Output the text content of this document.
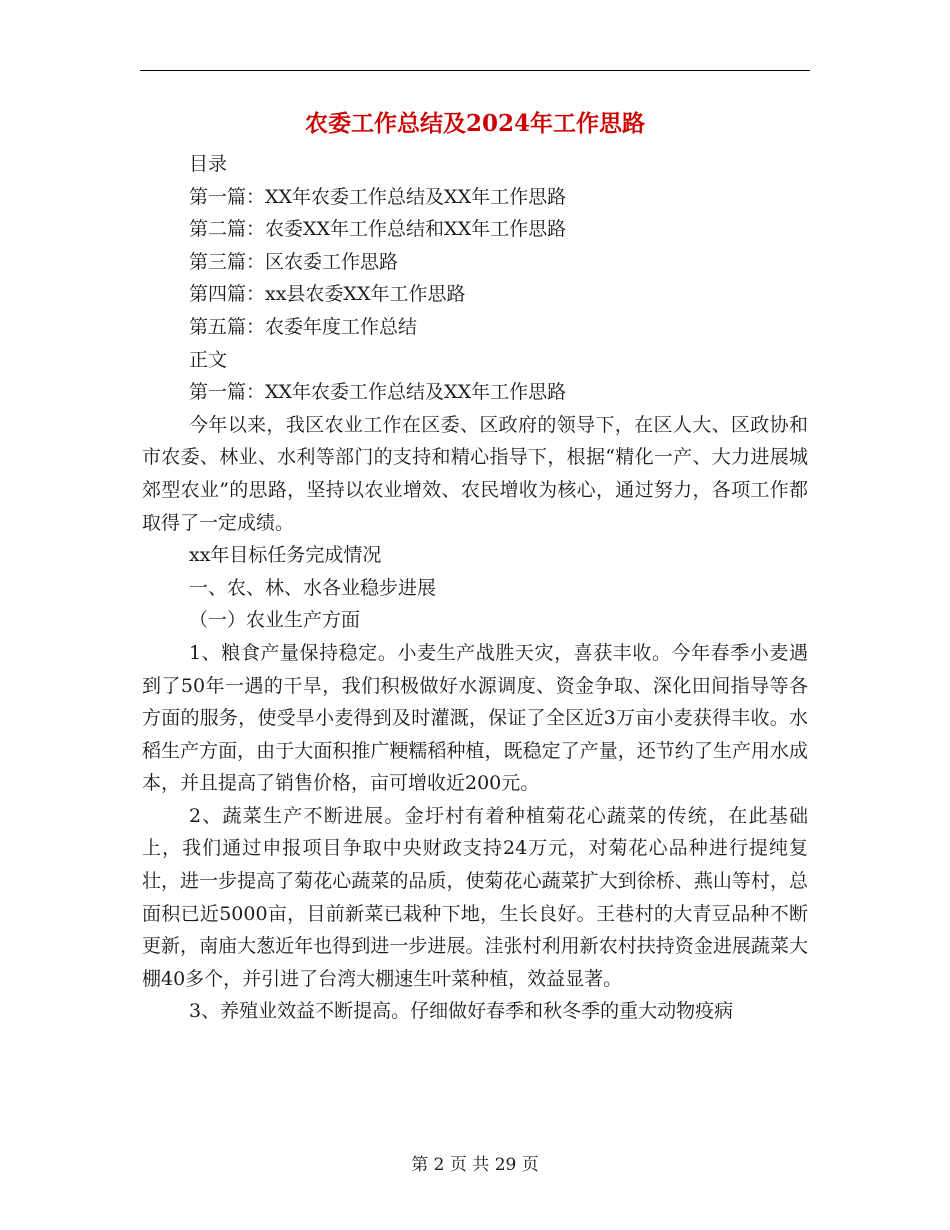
农委工作总结及2024年工作思路

目录

第一篇：XX年农委工作总结及XX年工作思路

第二篇：农委XX年工作总结和XX年工作思路

第三篇：区农委工作思路

第四篇：xx县农委XX年工作思路

第五篇：农委年度工作总结

正文

第一篇：XX年农委工作总结及XX年工作思路

今年以来，我区农业工作在区委、区政府的领导下，在区人大、区政协和市农委、林业、水利等部门的支持和精心指导下，根据“精化一产、大力进展城郊型农业”的思路，坚持以农业增效、农民增收为核心，通过努力，各项工作都取得了一定成绩。

xx年目标任务完成情况

一、农、林、水各业稳步进展

（一）农业生产方面

1、粮食产量保持稳定。小麦生产战胜天灾，喜获丰收。今年春季小麦遇到了50年一遇的干旱，我们积极做好水源调度、资金争取、深化田间指导等各方面的服务，使受旱小麦得到及时灌溉，保证了全区近3万亩小麦获得丰收。水稻生产方面，由于大面积推广粳糯稻种植，既稳定了产量，还节约了生产用水成本，并且提高了销售价格，亩可增收近200元。

2、蔬菜生产不断进展。金圩村有着种植菊花心蔬菜的传统，在此基础上，我们通过申报项目争取中央财政支持24万元，对菊花心品种进行提纯复壮，进一步提高了菊花心蔬菜的品质，使菊花心蔬菜扩大到徐桥、燕山等村，总面积已近5000亩，目前新菜已栽种下地，生长良好。王巷村的大青豆品种不断更新，南庙大葱近年也得到进一步进展。洼张村利用新农村扶持资金进展蔬菜大棚40多个，并引进了台湾大棚速生叶菜种植，效益显著。

3、养殖业效益不断提高。仔细做好春季和秋冬季的重大动物疫病

第 2 页 共 29 页
